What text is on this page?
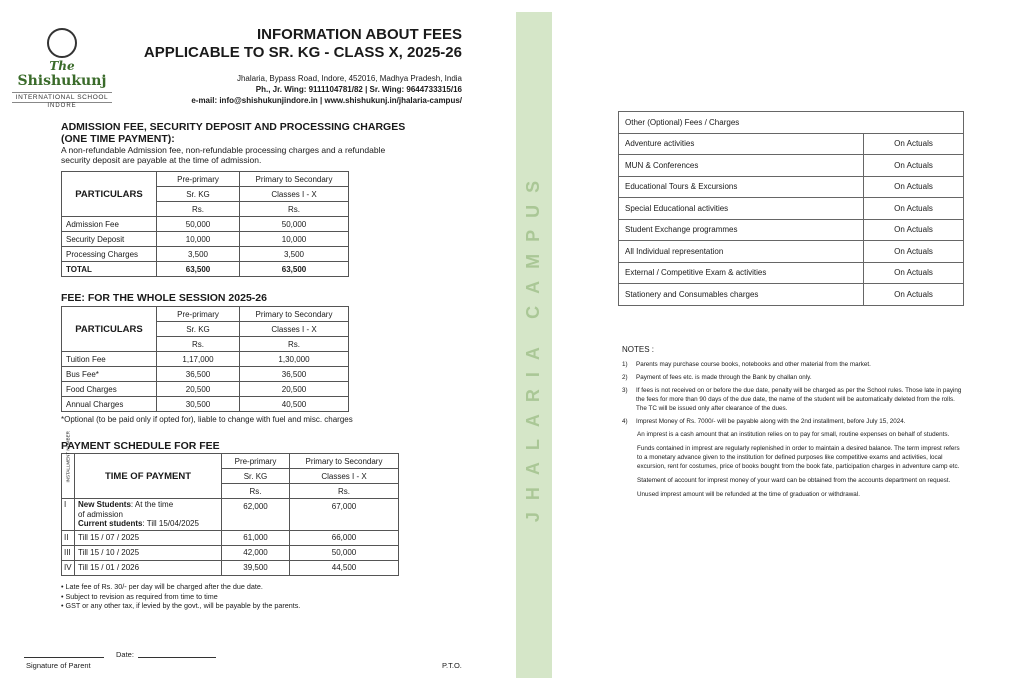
The
Shishukunj
INTERNATIONAL SCHOOL
INDORE
INFORMATION ABOUT FEES
APPLICABLE TO SR. KG - CLASS X, 2025-26
Jhalaria, Bypass Road, Indore, 452016, Madhya Pradesh, India
Ph., Jr. Wing: 9111104781/82 | Sr. Wing: 9644733315/16
e-mail: info@shishukunjindore.in | www.shishukunj.in/jhalaria-campus/
ADMISSION FEE, SECURITY DEPOSIT AND PROCESSING CHARGES
(ONE TIME PAYMENT):
A non-refundable Admission fee, non-refundable processing charges and a refundable
security deposit are payable at the time of admission.
PARTICULARS	Pre-primary	Primary to Secondary
	Sr. KG	Classes I - X
	Rs.	Rs.
Admission Fee	50,000	50,000
Security Deposit	10,000	10,000
Processing Charges	3,500	3,500
TOTAL	63,500	63,500
FEE: FOR THE WHOLE SESSION 2025-26
PARTICULARS	Pre-primary	Primary to Secondary
	Sr. KG	Classes I - X
	Rs.	Rs.
Tuition Fee	1,17,000	1,30,000
Bus Fee*	36,500	36,500
Food Charges	20,500	20,500
Annual Charges	30,500	40,500
*Optional (to be paid only if opted for), liable to change with fuel and misc. charges
PAYMENT SCHEDULE FOR FEE
INSTALLMENT NUMBER	TIME OF PAYMENT	Pre-primary	Primary to Secondary
		Sr. KG	Classes I - X
		Rs.	Rs.
I	New Students: At the time
of admission
Current students: Till 15/04/2025	62,000	67,000
II	Till 15 / 07 / 2025	61,000	66,000
III	Till 15 / 10 / 2025	42,000	50,000
IV	Till 15 / 01 / 2026	39,500	44,500
• Late fee of Rs. 30/- per day will be charged after the due date.
• Subject to revision as required from time to time
• GST or any other tax, if levied by the govt., will be payable by the parents.
Signature of Parent
Date:
P.T.O.
JHALARIA CAMPUS
Other (Optional) Fees / Charges	
Adventure activities	On Actuals
MUN & Conferences	On Actuals
Educational Tours & Excursions	On Actuals
Special Educational activities	On Actuals
Student Exchange programmes	On Actuals
All Individual representation	On Actuals
External / Competitive Exam & activities	On Actuals
Stationery and Consumables charges	On Actuals
NOTES :
1)	Parents may purchase course books, notebooks and other material from the market.
2)	Payment of fees etc. is made through the Bank by challan only.
3)	If fees is not received on or before the due date, penalty will be charged as per the School rules. Those late in paying the fees for more than 90 days of the due date, the name of the student will be automatically deleted from the rolls. The TC will be issued only after clearance of the dues.
4)	Imprest Money of Rs. 7000/- will be payable along with the 2nd installment, before July 15, 2024.

An imprest is a cash amount that an institution relies on to pay for small, routine expenses on behalf of students.

Funds contained in imprest are regularly replenished in order to maintain a desired balance. The term imprest refers to a monetary advance given to the institution for defined purposes like competitive exams and activities, local excursion, rent for costumes, price of books bought from the book fate, participation charges in adventure camp etc.

Statement of account for imprest money of your ward can be obtained from the accounts department on request.

Unused imprest amount will be refunded at the time of graduation or withdrawal.
